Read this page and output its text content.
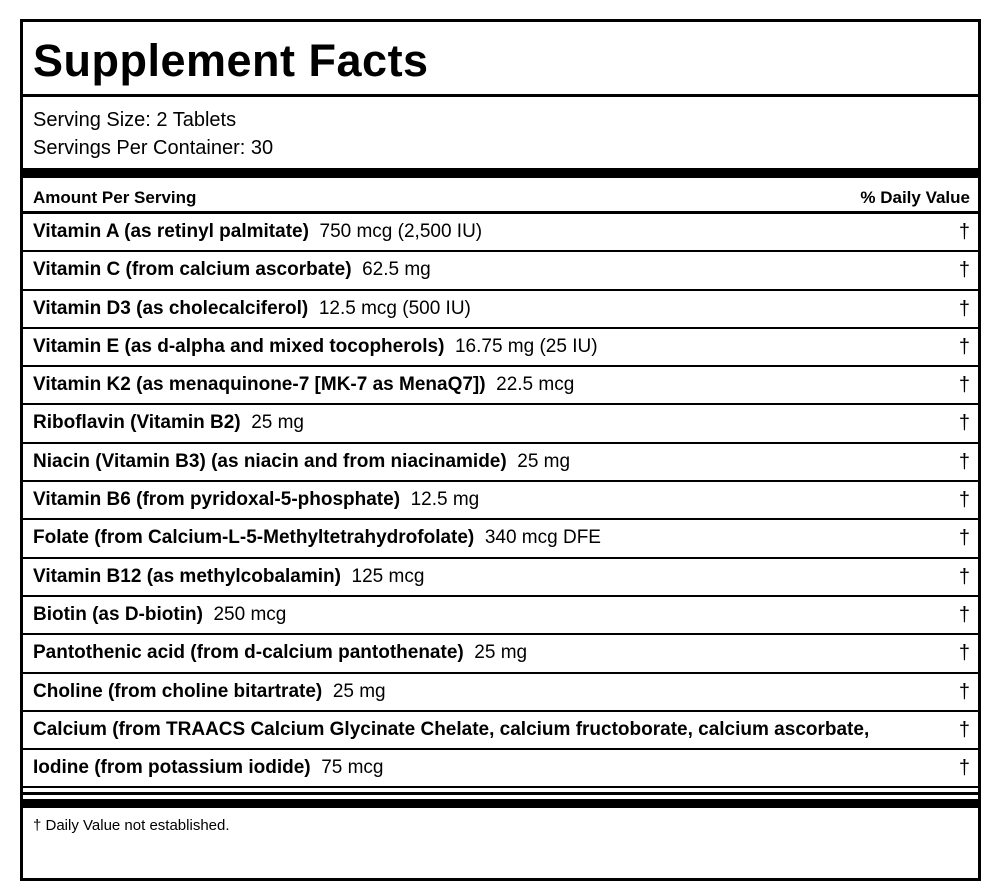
Supplement Facts
Serving Size: 2 Tablets
Servings Per Container: 30
Amount Per Serving	% Daily Value
Vitamin A (as retinyl palmitate) 750 mcg (2,500 IU)	†
Vitamin C (from calcium ascorbate) 62.5 mg	†
Vitamin D3 (as cholecalciferol) 12.5 mcg (500 IU)	†
Vitamin E (as d-alpha and mixed tocopherols) 16.75 mg (25 IU)	†
Vitamin K2 (as menaquinone-7 [MK-7 as MenaQ7]) 22.5 mcg	†
Riboflavin (Vitamin B2) 25 mg	†
Niacin (Vitamin B3) (as niacin and from niacinamide) 25 mg	†
Vitamin B6 (from pyridoxal-5-phosphate) 12.5 mg	†
Folate (from Calcium-L-5-Methyltetrahydrofolate) 340 mcg DFE	†
Vitamin B12 (as methylcobalamin) 125 mcg	†
Biotin (as D-biotin) 250 mcg	†
Pantothenic acid (from d-calcium pantothenate) 25 mg	†
Choline (from choline bitartrate) 25 mg	†
Calcium (from TRAACS Calcium Glycinate Chelate, calcium fructoborate, calcium ascorbate,	†
Iodine (from potassium iodide) 75 mcg	†
† Daily Value not established.
